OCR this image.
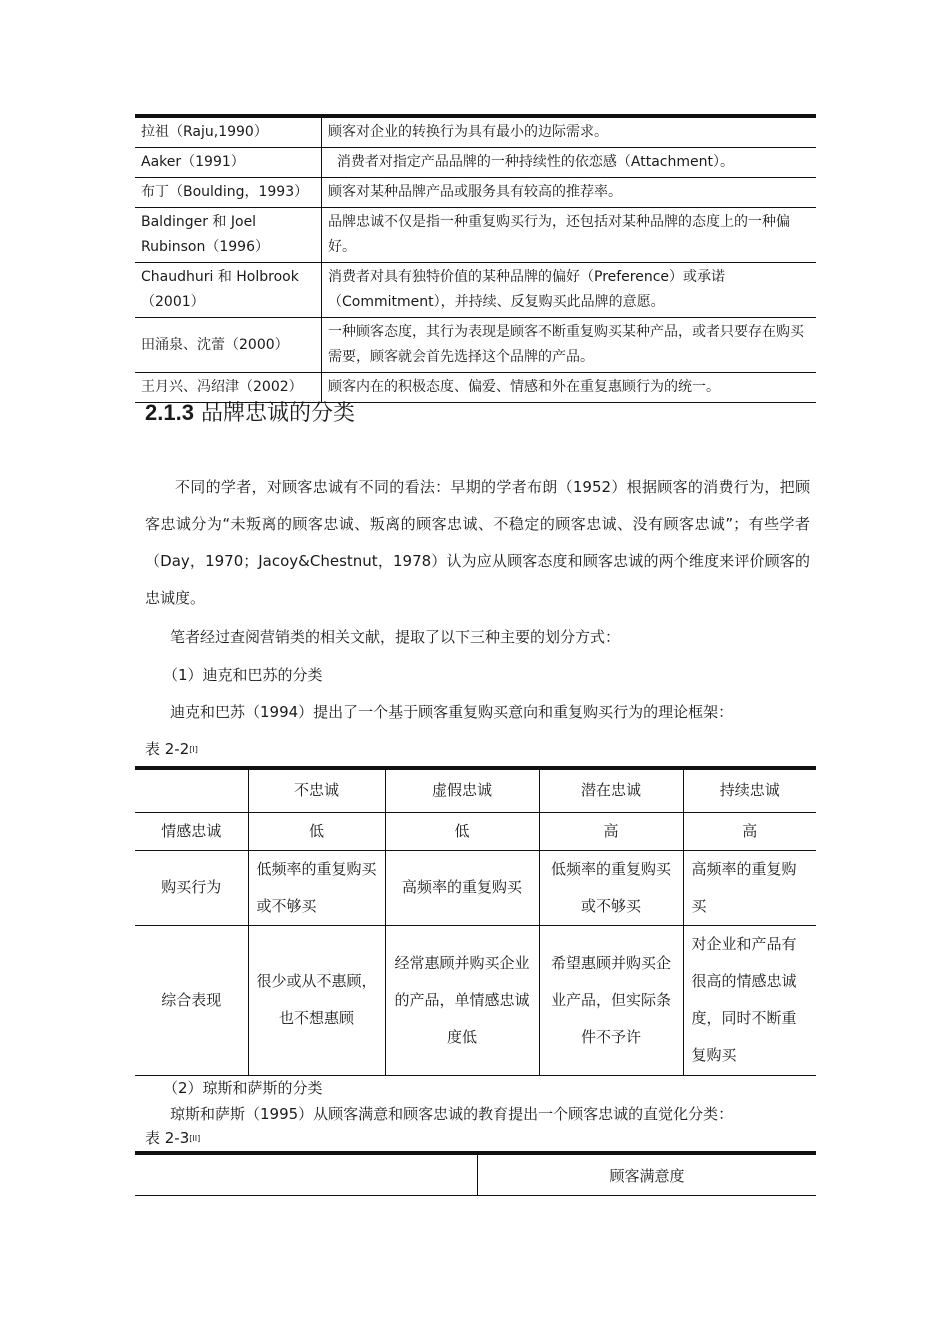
拉祖（Raju,1990）	顾客对企业的转换行为具有最小的边际需求。
Aaker（1991）	消费者对指定产品品牌的一种持续性的依恋感（Attachment）。
布丁（Boulding，1993）	顾客对某种品牌产品或服务具有较高的推荐率。
Baldinger 和 Joel Rubinson（1996）	品牌忠诚不仅是指一种重复购买行为，还包括对某种品牌的态度上的一种偏好。
Chaudhuri 和 Holbrook（2001）	消费者对具有独特价值的某种品牌的偏好（Preference）或承诺（Commitment），并持续、反复购买此品牌的意愿。
田涌泉、沈蕾（2000）	一种顾客态度，其行为表现是顾客不断重复购买某种产品，或者只要存在购买需要，顾客就会首先选择这个品牌的产品。
王月兴、冯绍津（2002）	顾客内在的积极态度、偏爱、情感和外在重复惠顾行为的统一。
2.1.3 品牌忠诚的分类
不同的学者，对顾客忠诚有不同的看法：早期的学者布朗（1952）根据顾客的消费行为，把顾客忠诚分为“未叛离的顾客忠诚、叛离的顾客忠诚、不稳定的顾客忠诚、没有顾客忠诚”；有些学者（Day，1970；Jacoy&Chestnut，1978）认为应从顾客态度和顾客忠诚的两个维度来评价顾客的忠诚度。
笔者经过查阅营销类的相关文献，提取了以下三种主要的划分方式：
（1）迪克和巴苏的分类
迪克和巴苏（1994）提出了一个基于顾客重复购买意向和重复购买行为的理论框架：
表 2-2[I]
	不忠诚	虚假忠诚	潜在忠诚	持续忠诚
情感忠诚	低	低	高	高
购买行为	低频率的重复购买或不够买	高频率的重复购买	低频率的重复购买或不够买	高频率的重复购买
综合表现	很少或从不惠顾，也不想惠顾	经常惠顾并购买企业的产品，单情感忠诚度低	希望惠顾并购买企业产品，但实际条件不予许	对企业和产品有很高的情感忠诚度，同时不断重复购买
（2）琼斯和萨斯的分类
琼斯和萨斯（1995）从顾客满意和顾客忠诚的教育提出一个顾客忠诚的直觉化分类：
表 2-3[II]
	顾客满意度
